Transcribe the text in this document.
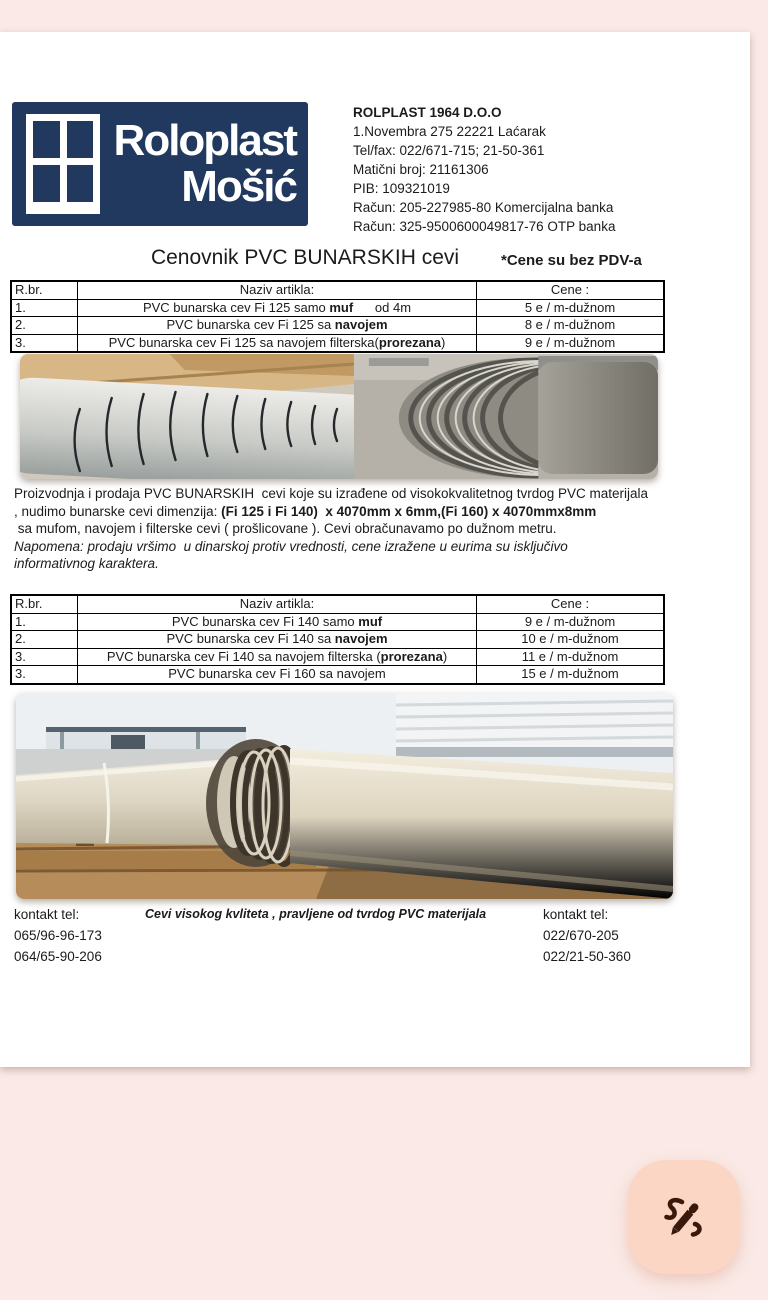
Roloplast
Mošić
ROLPLAST 1964 D.O.O
1.Novembra 275 22221 Laćarak
Tel/fax: 022/671-715; 21-50-361
Matični broj: 21161306
PIB: 109321019
Račun: 205-227985-80 Komercijalna banka
Račun: 325-9500600049817-76 OTP banka
Cenovnik PVC BUNARSKIH cevi	*Cene su bez PDV-a
R.br.	Naziv artikla:	Cene :
1.	PVC bunarska cev Fi 125 samo muf      od 4m	5 e / m-dužnom
2.	PVC bunarska cev Fi 125 sa navojem	8 e / m-dužnom
3.	PVC bunarska cev Fi 125 sa navojem filterska(prorezana)	9 e / m-dužnom
Proizvodnja i prodaja PVC BUNARSKIH  cevi koje su izrađene od visokokvalitetnog tvrdog PVC materijala
, nudimo bunarske cevi dimenzija: (Fi 125 i Fi 140)  x 4070mm x 6mm,(Fi 160) x 4070mmx8mm
sa mufom, navojem i filterske cevi ( prošlicovane ). Cevi obračunavamo po dužnom metru.
Napomena: prodaju vršimo  u dinarskoj protiv vrednosti, cene izražene u eurima su isključivo
informativnog karaktera.
R.br.	Naziv artikla:	Cene :
1.	PVC bunarska cev Fi 140 samo muf	9 e / m-dužnom
2.	PVC bunarska cev Fi 140 sa navojem	10 e / m-dužnom
3.	PVC bunarska cev Fi 140 sa navojem filterska (prorezana)	11 e / m-dužnom
3.	PVC bunarska cev Fi 160 sa navojem	15 e / m-dužnom
kontakt tel:
065/96-96-173
064/65-90-206
Cevi visokog kvliteta , pravljene od tvrdog PVC materijala	kontakt tel:
022/670-205
022/21-50-360
